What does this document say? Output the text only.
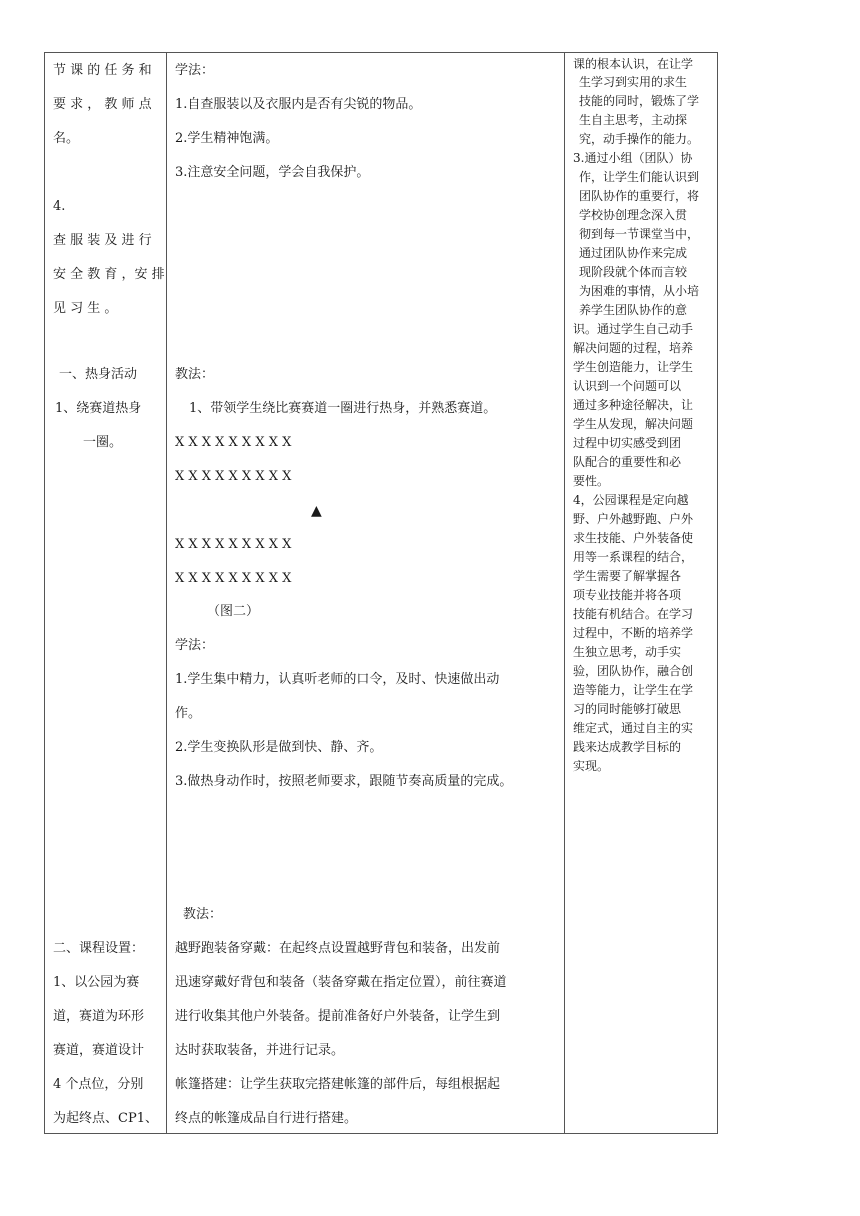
节 课 的 任 务 和
要 求 ， 教 师 点
名。
4.
查 服 装 及 进 行
安 全 教 育 ，安 排
见 习 生 。
一、热身活动
1、绕赛道热身
一圈。
二、课程设置：
1、以公园为赛
道，赛道为环形
赛道，赛道设计
4 个点位，分别
为起终点、CP1、
学法：
1.自查服装以及衣服内是否有尖锐的物品。
2.学生精神饱满。
3.注意安全问题，学会自我保护。
教法：
1、带领学生绕比赛赛道一圈进行热身，并熟悉赛道。
X X X X X X X X X
X X X X X X X X X
▲
X X X X X X X X X
X X X X X X X X X
（图二）
学法：
1.学生集中精力，认真听老师的口令，及时、快速做出动
作。
2.学生变换队形是做到快、静、齐。
3.做热身动作时，按照老师要求，跟随节奏高质量的完成。
教法：
越野跑装备穿戴：在起终点设置越野背包和装备，出发前
迅速穿戴好背包和装备（装备穿戴在指定位置），前往赛道
进行收集其他户外装备。提前准备好户外装备，让学生到
达时获取装备，并进行记录。
帐篷搭建：让学生获取完搭建帐篷的部件后，每组根据起
终点的帐篷成品自行进行搭建。
课的根本认识，在让学
生学习到实用的求生
技能的同时，锻炼了学
生自主思考，主动探
究，动手操作的能力。
3.通过小组（团队）协
作，让学生们能认识到
团队协作的重要行，将
学校协创理念深入贯
彻到每一节课堂当中，
通过团队协作来完成
现阶段就个体而言较
为困难的事情，从小培
养学生团队协作的意
识。通过学生自己动手
解决问题的过程，培养
学生创造能力，让学生
认识到一个问题可以
通过多种途径解决，让
学生从发现，解决问题
过程中切实感受到团
队配合的重要性和必
要性。
4，公园课程是定向越
野、户外越野跑、户外
求生技能、户外装备使
用等一系课程的结合，
学生需要了解掌握各
项专业技能并将各项
技能有机结合。在学习
过程中，不断的培养学
生独立思考，动手实
验，团队协作，融合创
造等能力，让学生在学
习的同时能够打破思
维定式，通过自主的实
践来达成教学目标的
实现。
